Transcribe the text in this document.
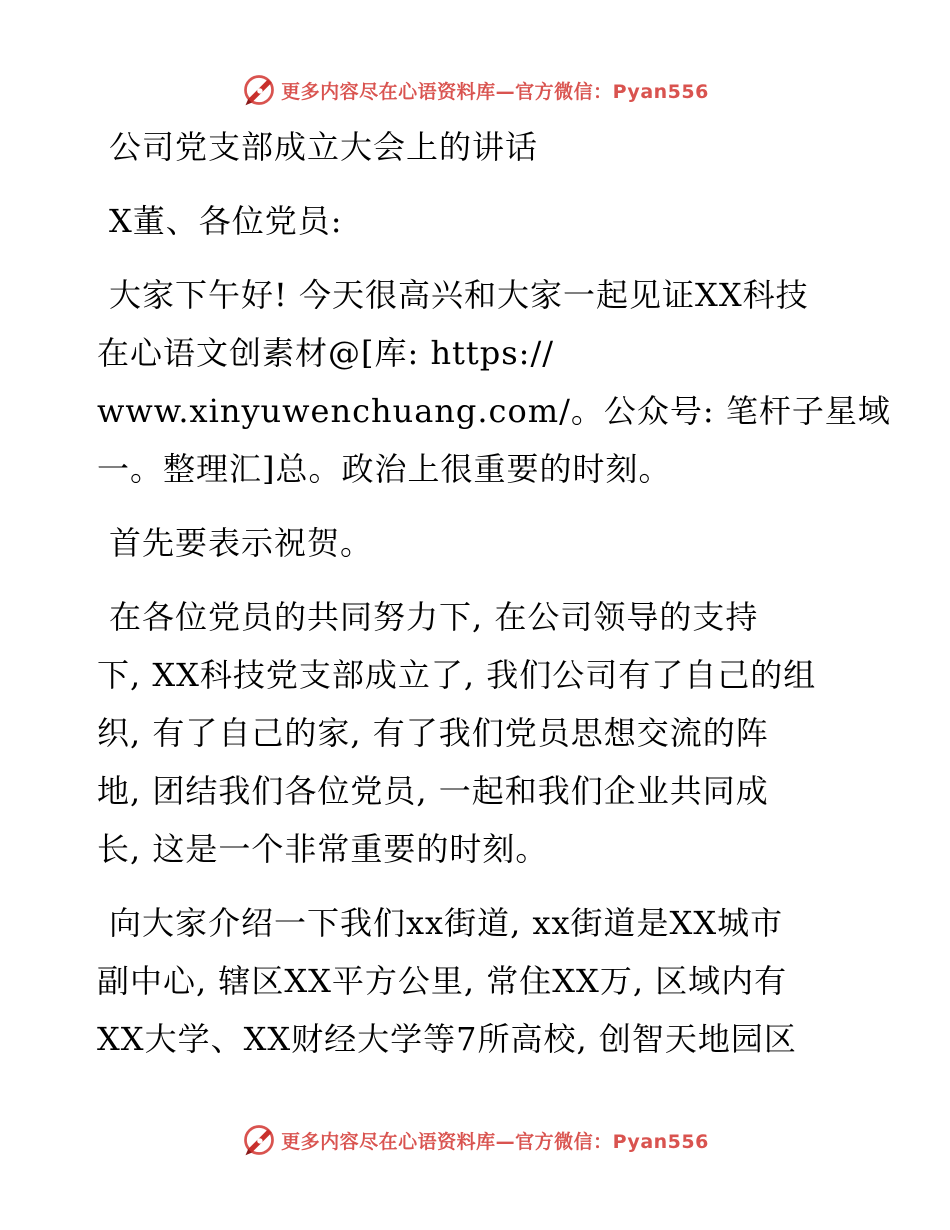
更多内容尽在心语资料库—官方微信：Pyan556

公司党支部成立大会上的讲话

X董、各位党员:

大家下午好! 今天很高兴和大家一起见证XX科技
在心语文创素材@[库: https://
www.xinyuwenchuang.com/。公众号: 笔杆子星域
一。整理汇]总。政治上很重要的时刻。

首先要表示祝贺。

在各位党员的共同努力下, 在公司领导的支持
下, XX科技党支部成立了, 我们公司有了自己的组
织, 有了自己的家, 有了我们党员思想交流的阵
地, 团结我们各位党员, 一起和我们企业共同成
长, 这是一个非常重要的时刻。

向大家介绍一下我们xx街道, xx街道是XX城市
副中心, 辖区XX平方公里, 常住XX万, 区域内有
XX大学、XX财经大学等7所高校, 创智天地园区

更多内容尽在心语资料库—官方微信：Pyan556
